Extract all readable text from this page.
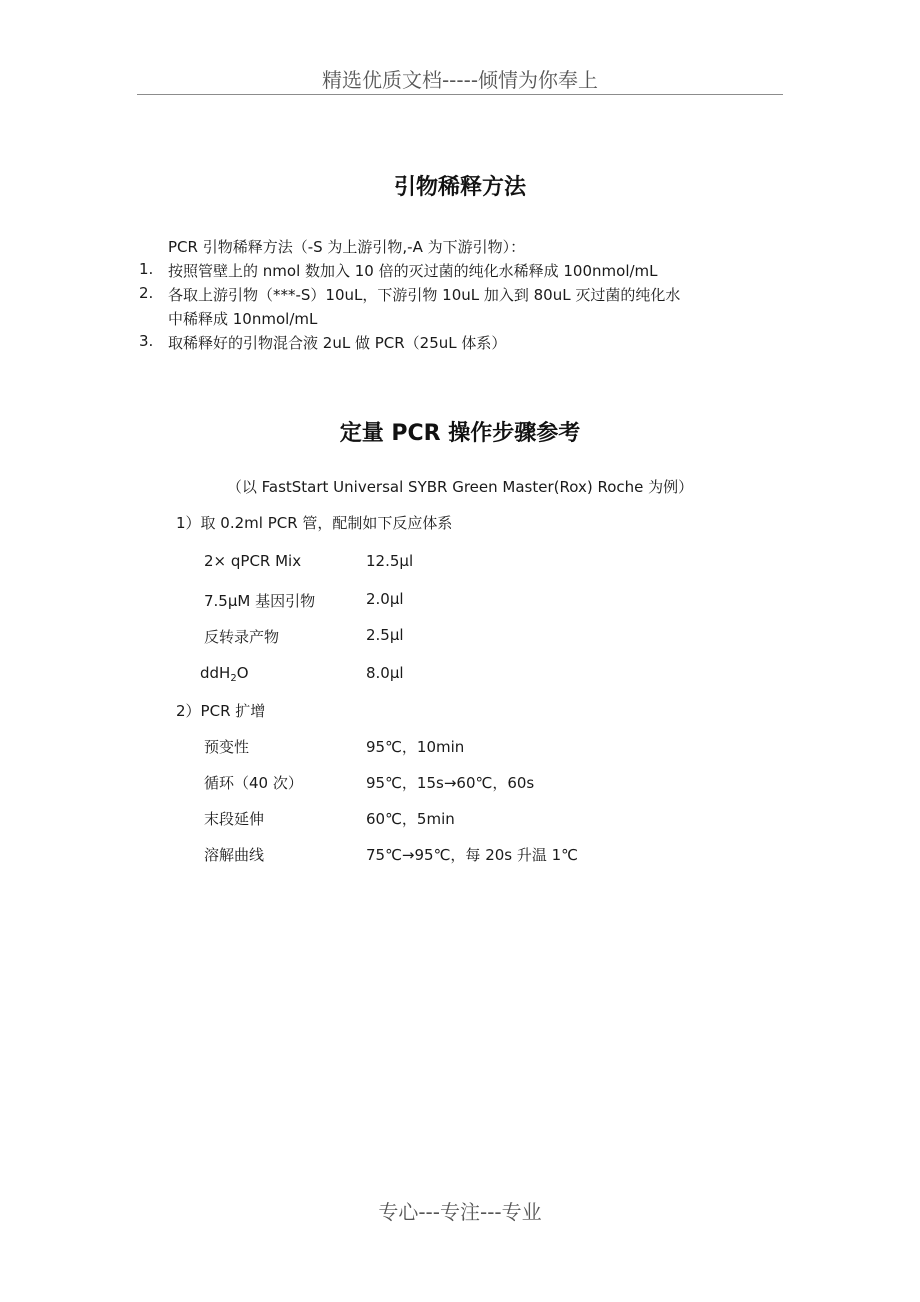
精选优质文档-----倾情为你奉上
引物稀释方法
PCR 引物稀释方法（-S 为上游引物,-A 为下游引物）：
1. 按照管壁上的 nmol 数加入 10 倍的灭过菌的纯化水稀释成 100nmol/mL
2. 各取上游引物（***-S）10uL，下游引物 10uL 加入到 80uL 灭过菌的纯化水
中稀释成 10nmol/mL
3. 取稀释好的引物混合液 2uL 做 PCR（25uL 体系）
定量 PCR 操作步骤参考
（以 FastStart Universal SYBR Green Master(Rox) Roche 为例）
1）取 0.2ml PCR 管，配制如下反应体系
2× qPCR Mix	12.5μl
7.5μM 基因引物	2.0μl
反转录产物	2.5μl
ddH$_2$O	8.0μl
2）PCR 扩增
预变性	95℃，10min
循环（40 次）	95℃，15s→60℃，60s
末段延伸	60℃，5min
溶解曲线	75℃→95℃，每 20s 升温 1℃
专心---专注---专业
